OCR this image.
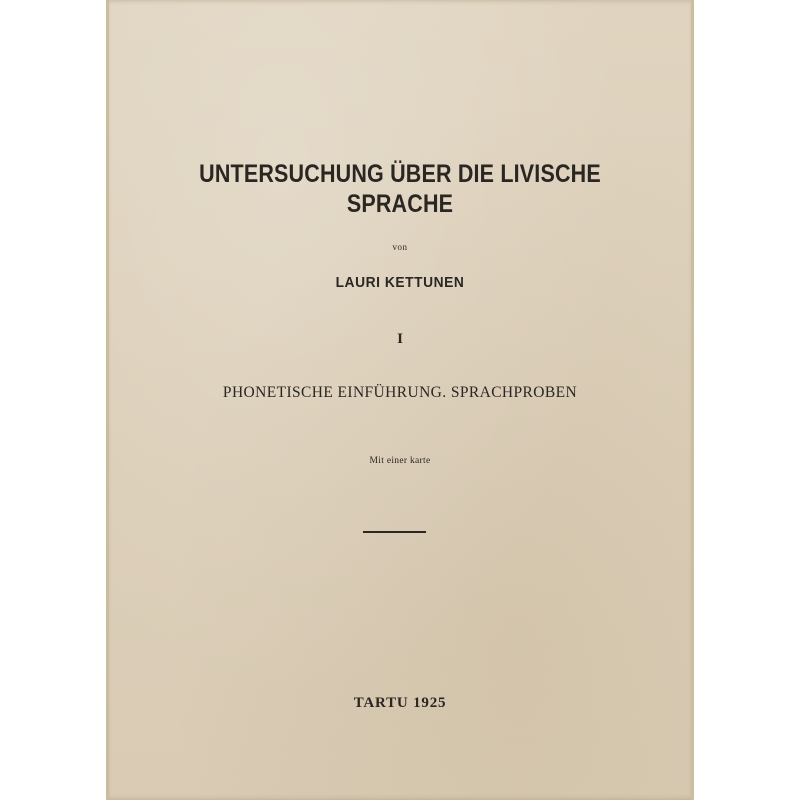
UNTERSUCHUNG ÜBER DIE LIVISCHE
SPRACHE
von
LAURI KETTUNEN
I
PHONETISCHE EINFÜHRUNG. SPRACHPROBEN
Mit einer karte
TARTU 1925
